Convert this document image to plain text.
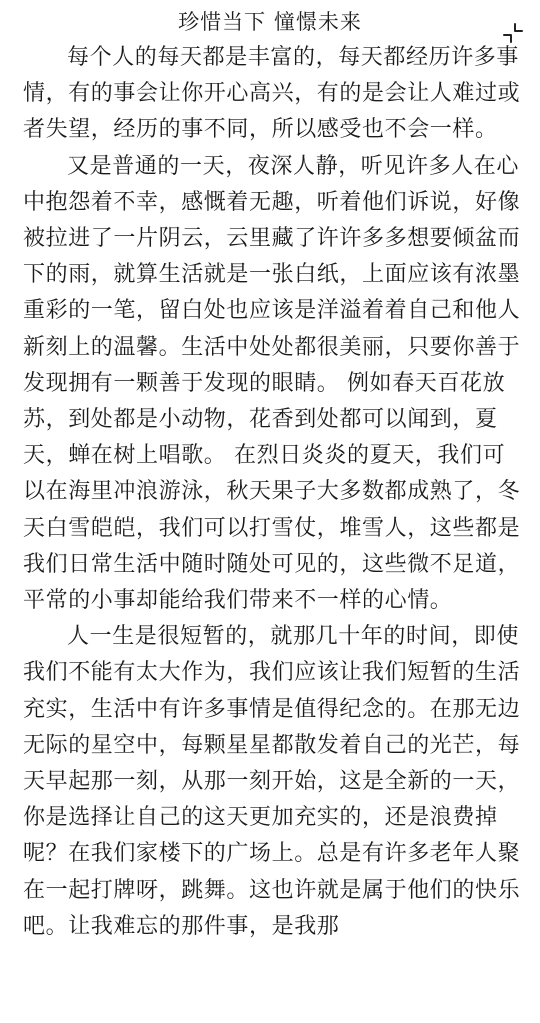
珍惜当下 憧憬未来

每个人的每天都是丰富的，每天都经历许多事情，有的事会让你开心高兴，有的是会让人难过或者失望，经历的事不同，所以感受也不会一样。

又是普通的一天，夜深人静，听见许多人在心中抱怨着不幸，感慨着无趣，听着他们诉说，好像被拉进了一片阴云，云里藏了许许多多想要倾盆而下的雨，就算生活就是一张白纸，上面应该有浓墨重彩的一笔，留白处也应该是洋溢着着自己和他人新刻上的温馨。生活中处处都很美丽，只要你善于发现拥有一颗善于发现的眼睛。 例如春天百花放苏，到处都是小动物，花香到处都可以闻到，夏天，蝉在树上唱歌。 在烈日炎炎的夏天，我们可以在海里冲浪游泳，秋天果子大多数都成熟了，冬天白雪皑皑，我们可以打雪仗，堆雪人，这些都是我们日常生活中随时随处可见的，这些微不足道，平常的小事却能给我们带来不一样的心情。

人一生是很短暂的，就那几十年的时间，即使我们不能有太大作为，我们应该让我们短暂的生活充实，生活中有许多事情是值得纪念的。在那无边无际的星空中，每颗星星都散发着自己的光芒，每天早起那一刻，从那一刻开始，这是全新的一天，你是选择让自己的这天更加充实的，还是浪费掉呢？在我们家楼下的广场上。总是有许多老年人聚在一起打牌呀，跳舞。这也许就是属于他们的快乐吧。让我难忘的那件事，是我那
